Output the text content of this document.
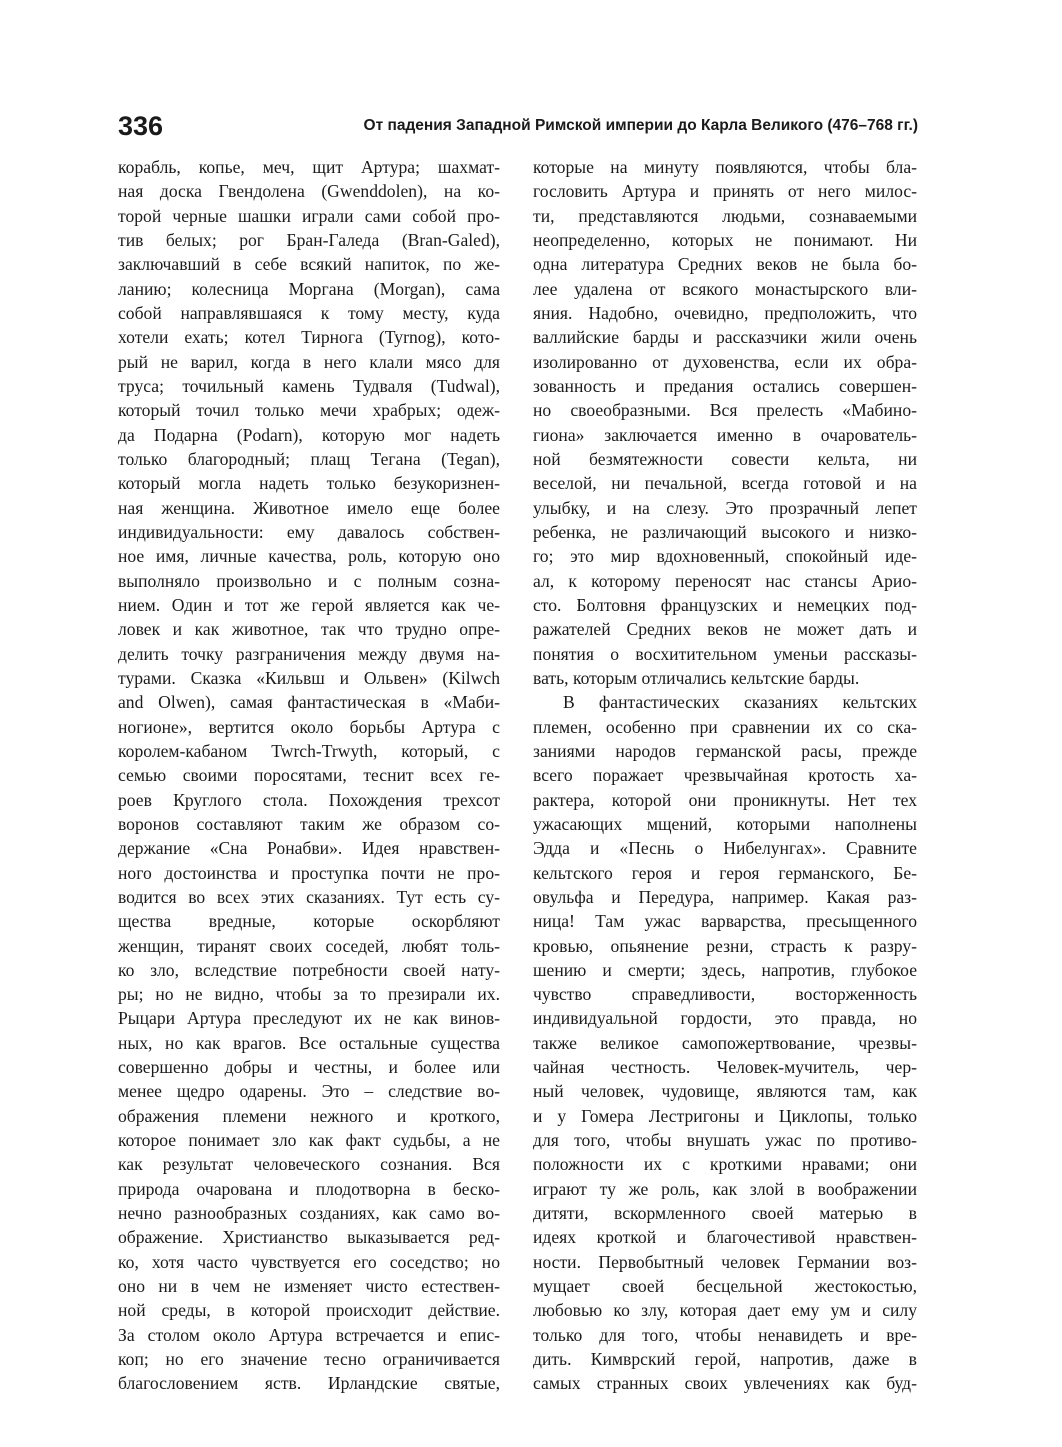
336	От падения Западной Римской империи до Карла Великого (476–768 гг.)
корабль, копье, меч, щит Артура; шахмат-
ная доска Гвендолена (Gwenddolen), на ко-
торой черные шашки играли сами собой про-
тив белых; рог Бран-Галеда (Bran-Galed),
заключавший в себе всякий напиток, по же-
ланию; колесница Моргана (Morgan), сама
собой направлявшаяся к тому месту, куда
хотели ехать; котел Тирнога (Tyrnog), кото-
рый не варил, когда в него клали мясо для
труса; точильный камень Тудваля (Tudwal),
который точил только мечи храбрых; одеж-
да Подарна (Podarn), которую мог надеть
только благородный; плащ Тегана (Tegan),
который могла надеть только безукоризнен-
ная женщина. Животное имело еще более
индивидуальности: ему давалось собствен-
ное имя, личные качества, роль, которую оно
выполняло произвольно и с полным созна-
нием. Один и тот же герой является как че-
ловек и как животное, так что трудно опре-
делить точку разграничения между двумя на-
турами. Сказка «Кильвш и Ольвен» (Kilwch
and Olwen), самая фантастическая в «Маби-
ногионе», вертится около борьбы Артура с
королем-кабаном Twrch-Trwyth, который, с
семью своими поросятами, теснит всех ге-
роев Круглого стола. Похождения трехсот
воронов составляют таким же образом со-
держание «Сна Ронабви». Идея нравствен-
ного достоинства и проступка почти не про-
водится во всех этих сказаниях. Тут есть су-
щества вредные, которые оскорбляют
женщин, тиранят своих соседей, любят толь-
ко зло, вследствие потребности своей нату-
ры; но не видно, чтобы за то презирали их.
Рыцари Артура преследуют их не как винов-
ных, но как врагов. Все остальные существа
совершенно добры и честны, и более или
менее щедро одарены. Это – следствие во-
ображения племени нежного и кроткого,
которое понимает зло как факт судьбы, а не
как результат человеческого сознания. Вся
природа очарована и плодотворна в беско-
нечно разнообразных созданиях, как само во-
ображение. Христианство выказывается ред-
ко, хотя часто чувствуется его соседство; но
оно ни в чем не изменяет чисто естествен-
ной среды, в которой происходит действие.
За столом около Артура встречается и епис-
коп; но его значение тесно ограничивается
благословением яств. Ирландские святые,
которые на минуту появляются, чтобы бла-
гословить Артура и принять от него милос-
ти, представляются людьми, сознаваемыми
неопределенно, которых не понимают. Ни
одна литература Средних веков не была бо-
лее удалена от всякого монастырского вли-
яния. Надобно, очевидно, предположить, что
валлийские барды и рассказчики жили очень
изолированно от духовенства, если их обра-
зованность и предания остались совершен-
но своеобразными. Вся прелесть «Мабино-
гиона» заключается именно в очарователь-
ной безмятежности совести кельта, ни
веселой, ни печальной, всегда готовой и на
улыбку, и на слезу. Это прозрачный лепет
ребенка, не различающий высокого и низко-
го; это мир вдохновенный, спокойный иде-
ал, к которому переносят нас стансы Арио-
сто. Болтовня французских и немецких под-
ражателей Средних веков не может дать и
понятия о восхитительном уменьи рассказы-
вать, которым отличались кельтские барды.
В фантастических сказаниях кельтских
племен, особенно при сравнении их со ска-
заниями народов германской расы, прежде
всего поражает чрезвычайная кротость ха-
рактера, которой они проникнуты. Нет тех
ужасающих мщений, которыми наполнены
Эдда и «Песнь о Нибелунгах». Сравните
кельтского героя и героя германского, Бе-
овульфа и Передура, например. Какая раз-
ница! Там ужас варварства, пресыщенного
кровью, опьянение резни, страсть к разру-
шению и смерти; здесь, напротив, глубокое
чувство справедливости, восторженность
индивидуальной гордости, это правда, но
также великое самопожертвование, чрезвы-
чайная честность. Человек-мучитель, чер-
ный человек, чудовище, являются там, как
и у Гомера Лестригоны и Циклопы, только
для того, чтобы внушать ужас по противо-
положности их с кроткими нравами; они
играют ту же роль, как злой в воображении
дитяти, вскормленного своей матерью в
идеях кроткой и благочестивой нравствен-
ности. Первобытный человек Германии воз-
мущает своей бесцельной жестокостью,
любовью ко злу, которая дает ему ум и силу
только для того, чтобы ненавидеть и вре-
дить. Кимврский герой, напротив, даже в
самых странных своих увлечениях как буд-
